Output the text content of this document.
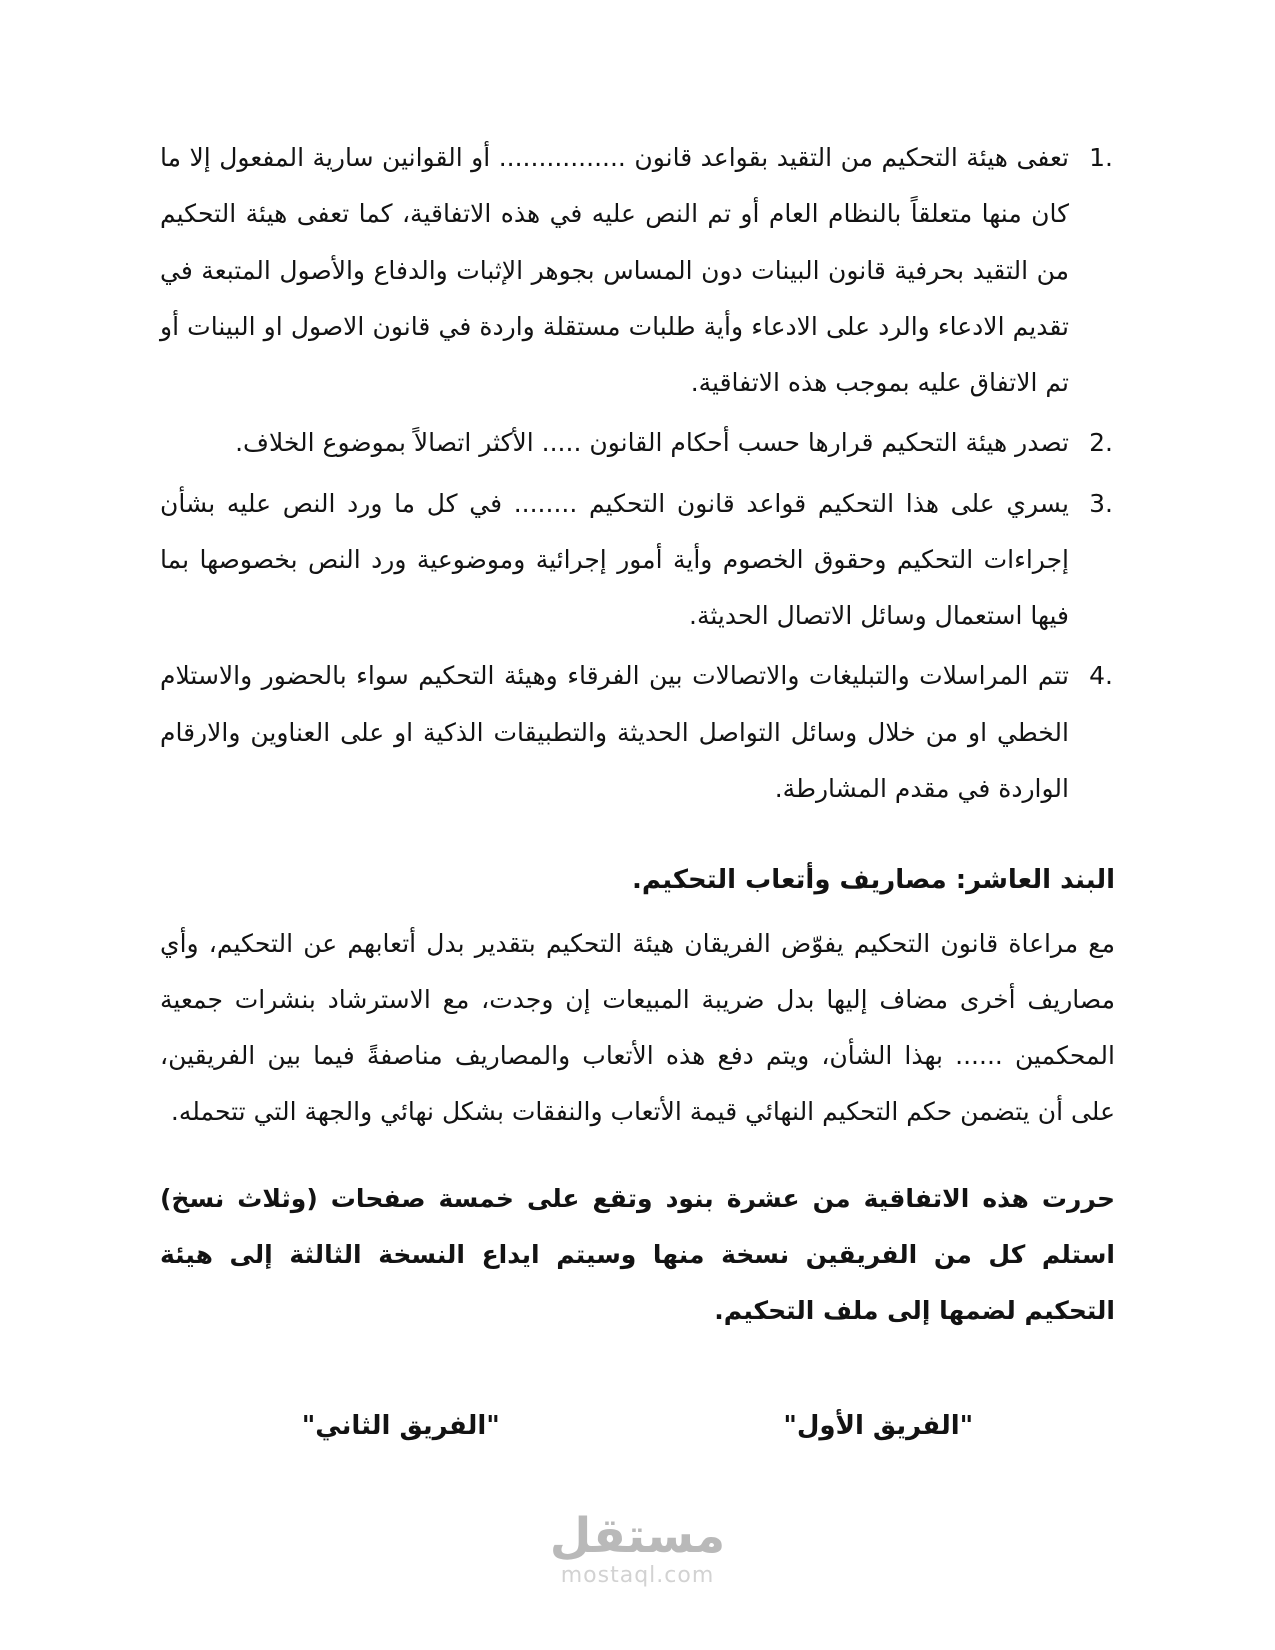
1.
تعفى هيئة التحكيم من التقيد بقواعد قانون ................ أو القوانين سارية المفعول إلا ما كان منها متعلقاً بالنظام العام أو تم النص عليه في هذه الاتفاقية، كما تعفى هيئة التحكيم من التقيد بحرفية قانون البينات دون المساس بجوهر الإثبات والدفاع والأصول المتبعة في تقديم الادعاء والرد على الادعاء وأية طلبات مستقلة واردة في قانون الاصول او البينات أو تم الاتفاق عليه بموجب هذه الاتفاقية.
2.
تصدر هيئة التحكيم قرارها حسب أحكام القانون ..... الأكثر اتصالاً بموضوع الخلاف.
3.
يسري على هذا التحكيم قواعد قانون التحكيم ........ في كل ما ورد النص عليه بشأن إجراءات التحكيم وحقوق الخصوم وأية أمور إجرائية وموضوعية ورد النص بخصوصها بما فيها استعمال وسائل الاتصال الحديثة.
4.
تتم المراسلات والتبليغات والاتصالات بين الفرقاء وهيئة التحكيم سواء بالحضور والاستلام الخطي او من خلال وسائل التواصل الحديثة والتطبيقات الذكية او على العناوين والارقام الواردة في مقدم المشارطة.
البند العاشر: مصاريف وأتعاب التحكيم.

مع مراعاة قانون التحكيم يفوّض الفريقان هيئة التحكيم بتقدير بدل أتعابهم عن التحكيم، وأي مصاريف أخرى مضاف إليها بدل ضريبة المبيعات إن وجدت، مع الاسترشاد بنشرات جمعية المحكمين ...... بهذا الشأن، ويتم دفع هذه الأتعاب والمصاريف مناصفةً فيما بين الفريقين، على أن يتضمن حكم التحكيم النهائي قيمة الأتعاب والنفقات بشكل نهائي والجهة التي تتحمله.

حررت هذه الاتفاقية من عشرة بنود وتقع على خمسة صفحات (وثلاث نسخ) استلم كل من الفريقين نسخة منها وسيتم ايداع النسخة الثالثة إلى هيئة التحكيم لضمها إلى ملف التحكيم.

"الفريق الأول"
"الفريق الثاني"
مستقل
mostaql.com
